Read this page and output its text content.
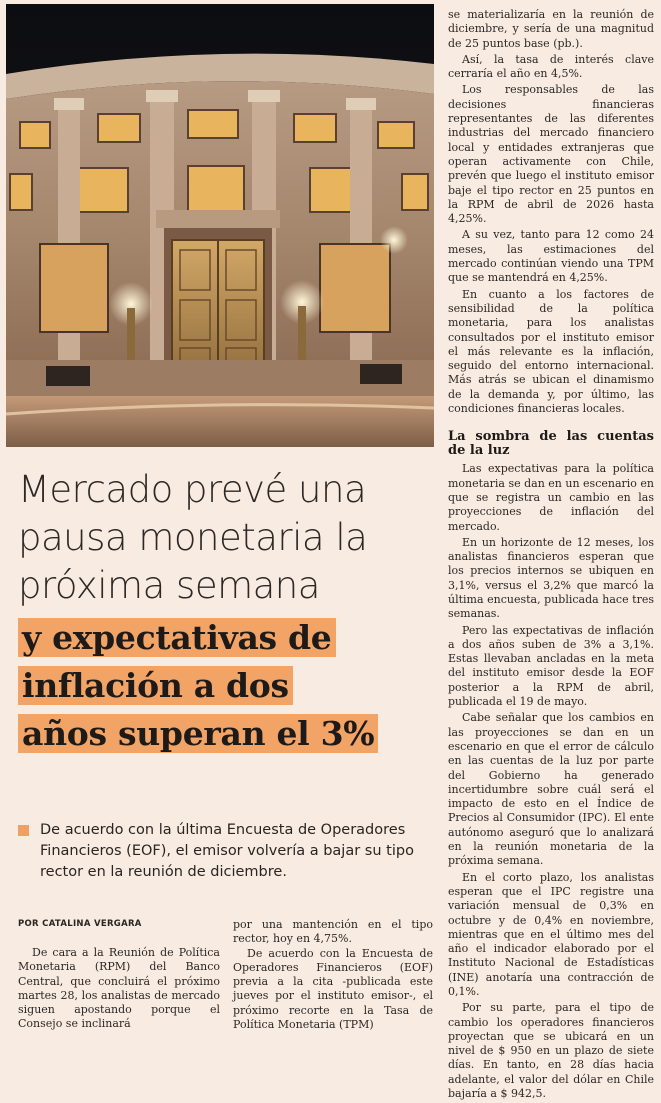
Mercado prevé una
pausa monetaria la
próxima semana
y expectativas de
inflación a dos
años superan el 3%
De acuerdo con la última Encuesta de Operadores Financieros (EOF), el emisor volvería a bajar su tipo rector en la reunión de diciembre.
POR CATALINA VERGARA

De cara a la Reunión de Política Monetaria (RPM) del Banco Central, que concluirá el próximo martes 28, los analistas de mercado siguen apostando porque el Consejo se inclinará

por una mantención en el tipo rector, hoy en 4,75%.

De acuerdo con la Encuesta de Operadores Financieros (EOF) previa a la cita -publicada este jueves por el instituto emisor-, el próximo recorte en la Tasa de Política Monetaria (TPM)

se materializaría en la reunión de diciembre, y sería de una magnitud de 25 puntos base (pb.).

Así, la tasa de interés clave cerraría el año en 4,5%.

Los responsables de las decisiones financieras representantes de las diferentes industrias del mercado financiero local y entidades extranjeras que operan activamente con Chile, prevén que luego el instituto emisor baje el tipo rector en 25 puntos en la RPM de abril de 2026 hasta 4,25%.

A su vez, tanto para 12 como 24 meses, las estimaciones del mercado continúan viendo una TPM que se mantendrá en 4,25%.

En cuanto a los factores de sensibilidad de la política monetaria, para los analistas consultados por el instituto emisor el más relevante es la inflación, seguido del entorno internacional. Más atrás se ubican el dinamismo de la demanda y, por último, las condiciones financieras locales.

La sombra de las cuentas de la luz

Las expectativas para la política monetaria se dan en un escenario en que se registra un cambio en las proyecciones de inflación del mercado.

En un horizonte de 12 meses, los analistas financieros esperan que los precios internos se ubiquen en 3,1%, versus el 3,2% que marcó la última encuesta, publicada hace tres semanas.

Pero las expectativas de inflación a dos años suben de 3% a 3,1%. Estas llevaban ancladas en la meta del instituto emisor desde la EOF posterior a la RPM de abril, publicada el 19 de mayo.

Cabe señalar que los cambios en las proyecciones se dan en un escenario en que el error de cálculo en las cuentas de la luz por parte del Gobierno ha generado incertidumbre sobre cuál será el impacto de esto en el Índice de Precios al Consumidor (IPC). El ente autónomo aseguró que lo analizará en la reunión monetaria de la próxima semana.

En el corto plazo, los analistas esperan que el IPC registre una variación mensual de 0,3% en octubre y de 0,4% en noviembre, mientras que en el último mes del año el indicador elaborado por el Instituto Nacional de Estadísticas (INE) anotaría una contracción de 0,1%.

Por su parte, para el tipo de cambio los operadores financieros proyectan que se ubicará en un nivel de $ 950 en un plazo de siete días. En tanto, en 28 días hacia adelante, el valor del dólar en Chile bajaría a $ 942,5.
